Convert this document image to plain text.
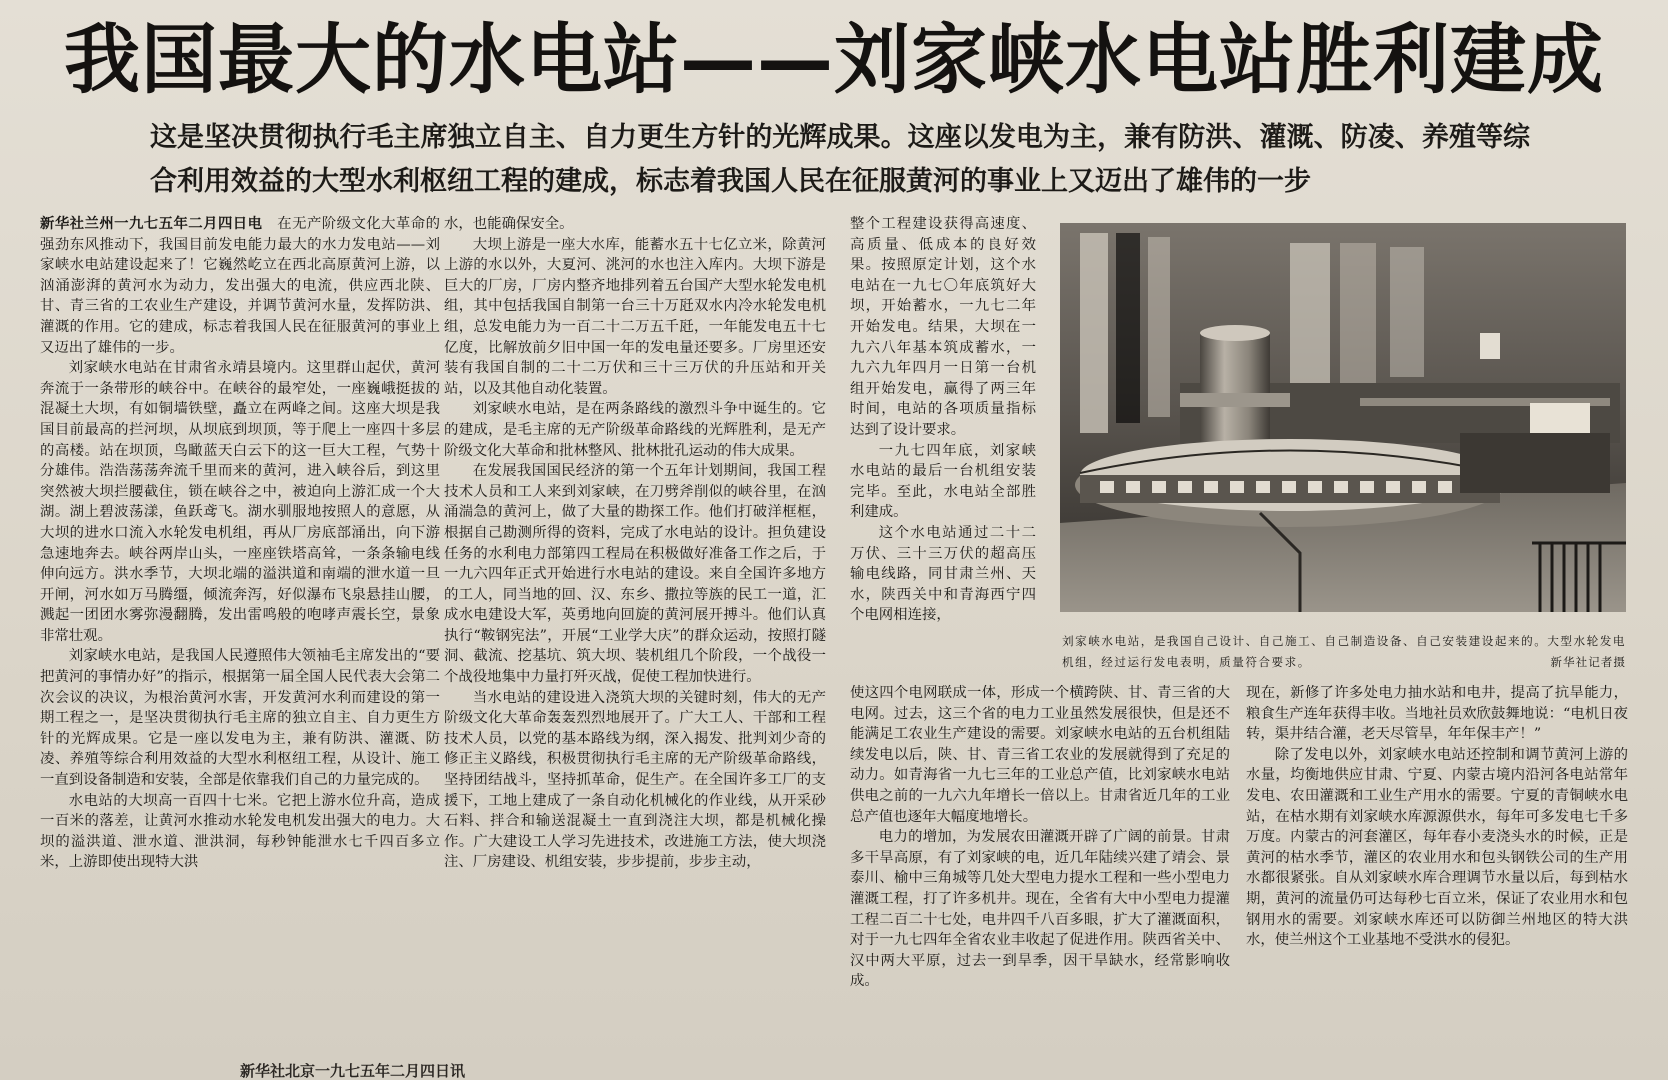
我国最大的水电站——刘家峡水电站胜利建成
这是坚决贯彻执行毛主席独立自主、自力更生方针的光辉成果。这座以发电为主，兼有防洪、灌溉、防凌、养殖等综合利用效益的大型水利枢纽工程的建成，标志着我国人民在征服黄河的事业上又迈出了雄伟的一步

新华社兰州一九七五年二月四日电　 在无产阶级文化大革命的强劲东风推动下，我国目前发电能力最大的水力发电站——刘家峡水电站建设起来了！它巍然屹立在西北高原黄河上游，以汹涌澎湃的黄河水为动力，发出强大的电流，供应西北陕、甘、青三省的工农业生产建设，并调节黄河水量，发挥防洪、灌溉的作用。它的建成，标志着我国人民在征服黄河的事业上又迈出了雄伟的一步。

刘家峡水电站在甘肃省永靖县境内。这里群山起伏，黄河奔流于一条带形的峡谷中。在峡谷的最窄处，一座巍峨挺拔的混凝土大坝，有如铜墙铁壁，矗立在两峰之间。这座大坝是我国目前最高的拦河坝，从坝底到坝顶，等于爬上一座四十多层的高楼。站在坝顶，鸟瞰蓝天白云下的这一巨大工程，气势十分雄伟。浩浩荡荡奔流千里而来的黄河，进入峡谷后，到这里突然被大坝拦腰截住，锁在峡谷之中，被迫向上游汇成一个大湖。湖上碧波荡漾，鱼跃鸢飞。湖水驯服地按照人的意愿，从大坝的进水口流入水轮发电机组，再从厂房底部涌出，向下游急速地奔去。峡谷两岸山头，一座座铁塔高耸，一条条输电线伸向远方。洪水季节，大坝北端的溢洪道和南端的泄水道一旦开闸，河水如万马腾缰，倾流奔泻，好似瀑布飞泉悬挂山腰，溅起一团团水雾弥漫翻腾，发出雷鸣般的咆哮声震长空，景象非常壮观。

刘家峡水电站，是我国人民遵照伟大领袖毛主席发出的“要把黄河的事情办好”的指示，根据第一届全国人民代表大会第二次会议的决议，为根治黄河水害，开发黄河水利而建设的第一期工程之一，是坚决贯彻执行毛主席的独立自主、自力更生方针的光辉成果。它是一座以发电为主，兼有防洪、灌溉、防凌、养殖等综合利用效益的大型水利枢纽工程，从设计、施工一直到设备制造和安装，全部是依靠我们自己的力量完成的。

水电站的大坝高一百四十七米。它把上游水位升高，造成一百米的落差，让黄河水推动水轮发电机发出强大的电力。大坝的溢洪道、泄水道、泄洪洞，每秒钟能泄水七千四百多立米，上游即使出现特大洪

水，也能确保安全。

大坝上游是一座大水库，能蓄水五十七亿立米，除黄河上游的水以外，大夏河、洮河的水也注入库内。大坝下游是巨大的厂房，厂房内整齐地排列着五台国产大型水轮发电机组，其中包括我国自制第一台三十万瓩双水内冷水轮发电机组，总发电能力为一百二十二万五千瓩，一年能发电五十七亿度，比解放前夕旧中国一年的发电量还要多。厂房里还安装有我国自制的二十二万伏和三十三万伏的升压站和开关站，以及其他自动化装置。

刘家峡水电站，是在两条路线的激烈斗争中诞生的。它的建成，是毛主席的无产阶级革命路线的光辉胜利，是无产阶级文化大革命和批林整风、批林批孔运动的伟大成果。

在发展我国国民经济的第一个五年计划期间，我国工程技术人员和工人来到刘家峡，在刀劈斧削似的峡谷里，在汹涌湍急的黄河上，做了大量的勘探工作。他们打破洋框框，根据自己勘测所得的资料，完成了水电站的设计。担负建设任务的水利电力部第四工程局在积极做好准备工作之后，于一九六四年正式开始进行水电站的建设。来自全国许多地方的工人，同当地的回、汉、东乡、撒拉等族的民工一道，汇成水电建设大军，英勇地向回旋的黄河展开搏斗。他们认真执行“鞍钢宪法”，开展“工业学大庆”的群众运动，按照打隧洞、截流、挖基坑、筑大坝、装机组几个阶段，一个战役一个战役地集中力量打歼灭战，促使工程加快进行。

当水电站的建设进入浇筑大坝的关键时刻，伟大的无产阶级文化大革命轰轰烈烈地展开了。广大工人、干部和工程技术人员，以党的基本路线为纲，深入揭发、批判刘少奇的修正主义路线，积极贯彻执行毛主席的无产阶级革命路线，坚持团结战斗，坚持抓革命，促生产。在全国许多工厂的支援下，工地上建成了一条自动化机械化的作业线，从开采砂石料、拌合和输送混凝土一直到浇注大坝，都是机械化操作。广大建设工人学习先进技术，改进施工方法，使大坝浇注、厂房建设、机组安装，步步提前，步步主动，

整个工程建设获得高速度、高质量、低成本的良好效果。按照原定计划，这个水电站在一九七〇年底筑好大坝，开始蓄水，一九七二年开始发电。结果，大坝在一九六八年基本筑成蓄水，一九六九年四月一日第一台机组开始发电，赢得了两三年时间，电站的各项质量指标达到了设计要求。

一九七四年底，刘家峡水电站的最后一台机组安装完毕。至此，水电站全部胜利建成。

这个水电站通过二十二万伏、三十三万伏的超高压输电线路，同甘肃兰州、天水，陕西关中和青海西宁四个电网相连接，

刘家峡水电站，是我国自己设计、自己施工、自己制造设备、自己安装建设起来的。大型水轮发电机组，经过运行发电表明，质量符合要求。	新华社记者摄

使这四个电网联成一体，形成一个横跨陕、甘、青三省的大电网。过去，这三个省的电力工业虽然发展很快，但是还不能满足工农业生产建设的需要。刘家峡水电站的五台机组陆续发电以后，陕、甘、青三省工农业的发展就得到了充足的动力。如青海省一九七三年的工业总产值，比刘家峡水电站供电之前的一九六九年增长一倍以上。甘肃省近几年的工业总产值也逐年大幅度地增长。

电力的增加，为发展农田灌溉开辟了广阔的前景。甘肃多干旱高原，有了刘家峡的电，近几年陆续兴建了靖会、景泰川、榆中三角城等几处大型电力提水工程和一些小型电力灌溉工程，打了许多机井。现在，全省有大中小型电力提灌工程二百二十七处，电井四千八百多眼，扩大了灌溉面积，对于一九七四年全省农业丰收起了促进作用。陕西省关中、汉中两大平原，过去一到旱季，因干旱缺水，经常影响收成。

现在，新修了许多处电力抽水站和电井，提高了抗旱能力，粮食生产连年获得丰收。当地社员欢欣鼓舞地说：“电机日夜转，渠井结合灌，老天尽管旱，年年保丰产！”

除了发电以外，刘家峡水电站还控制和调节黄河上游的水量，均衡地供应甘肃、宁夏、内蒙古境内沿河各电站常年发电、农田灌溉和工业生产用水的需要。宁夏的青铜峡水电站，在枯水期有刘家峡水库源源供水，每年可多发电七千多万度。内蒙古的河套灌区，每年春小麦浇头水的时候，正是黄河的枯水季节，灌区的农业用水和包头钢铁公司的生产用水都很紧张。自从刘家峡水库合理调节水量以后，每到枯水期，黄河的流量仍可达每秒七百立米，保证了农业用水和包钢用水的需要。刘家峡水库还可以防御兰州地区的特大洪水，使兰州这个工业基地不受洪水的侵犯。

新华社北京一九七五年二月四日讯
